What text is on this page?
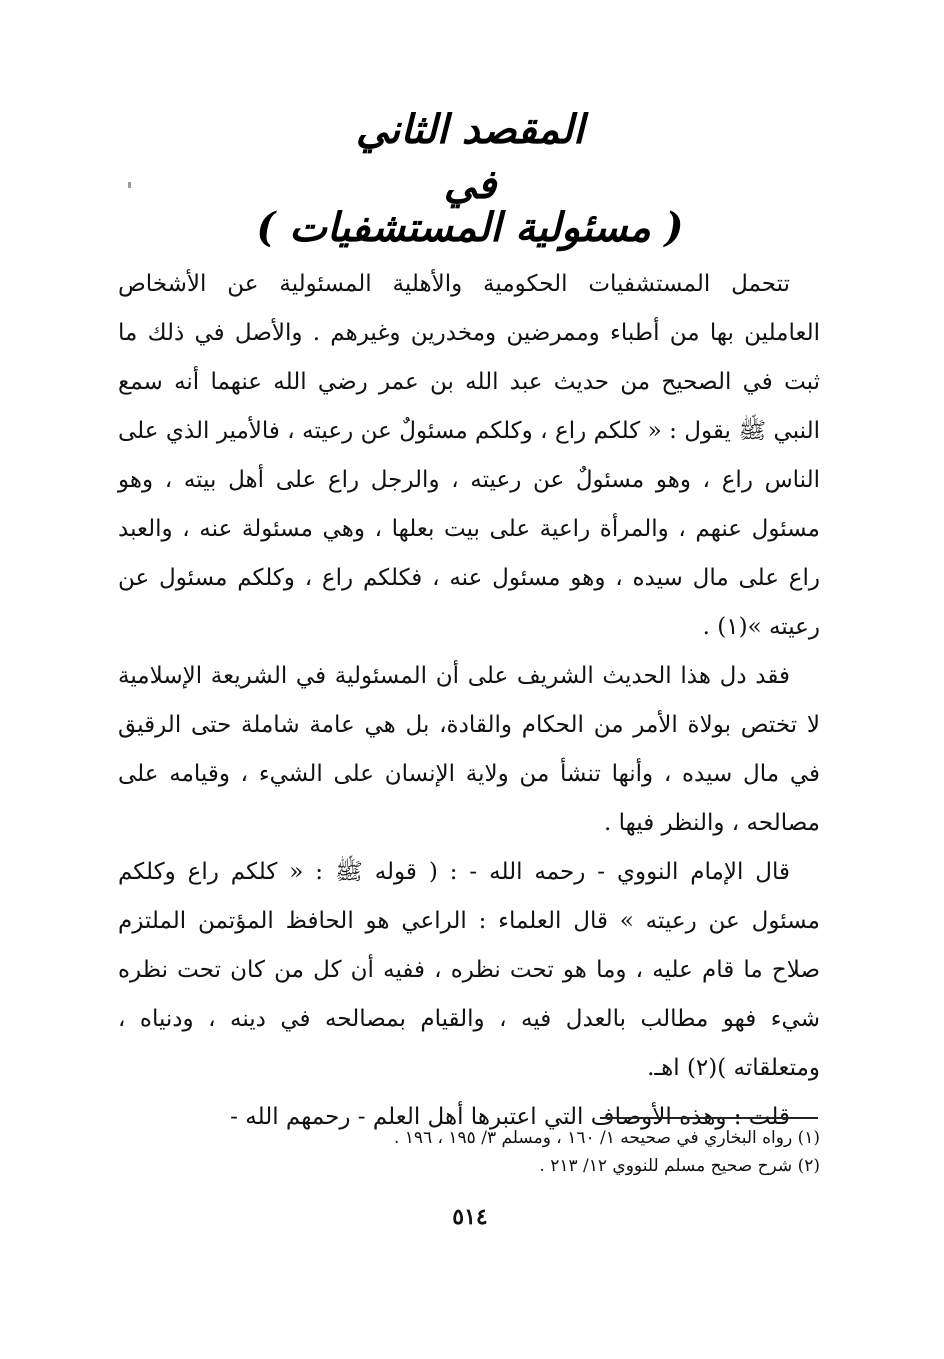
المقصد الثاني
في
( مسئولية المستشفيات )

تتحمل المستشفيات الحكومية والأهلية المسئولية عن الأشخاص العاملين بها من أطباء وممرضين ومخدرين وغيرهم . والأصل في ذلك ما ثبت في الصحيح من حديث عبد الله بن عمر رضي الله عنهما أنه سمع النبي ﷺ يقول : « كلكم راع ، وكلكم مسئولٌ عن رعيته ، فالأمير الذي على الناس راع ، وهو مسئولٌ عن رعيته ، والرجل راع على أهل بيته ، وهو مسئول عنهم ، والمرأة راعية على بيت بعلها ، وهي مسئولة عنه ، والعبد راع على مال سيده ، وهو مسئول عنه ، فكلكم راع ، وكلكم مسئول عن رعيته »(١) .

فقد دل هذا الحديث الشريف على أن المسئولية في الشريعة الإسلامية لا تختص بولاة الأمر من الحكام والقادة، بل هي عامة شاملة حتى الرقيق في مال سيده ، وأنها تنشأ من ولاية الإنسان على الشيء ، وقيامه على مصالحه ، والنظر فيها .

قال الإمام النووي - رحمه الله - : ( قوله ﷺ : « كلكم راع وكلكم مسئول عن رعيته » قال العلماء : الراعي هو الحافظ المؤتمن الملتزم صلاح ما قام عليه ، وما هو تحت نظره ، ففيه أن كل من كان تحت نظره شيء فهو مطالب بالعدل فيه ، والقيام بمصالحه في دينه ، ودنياه ، ومتعلقاته )(٢) اهـ.

قلت : وهذه الأوصاف التي اعتبرها أهل العلم - رحمهم الله -

(١) رواه البخاري في صحيحه ١/ ١٦٠ ، ومسلم ٣/ ١٩٥ ، ١٩٦ .
(٢) شرح صحيح مسلم للنووي ١٢/ ٢١٣ .
٥١٤
